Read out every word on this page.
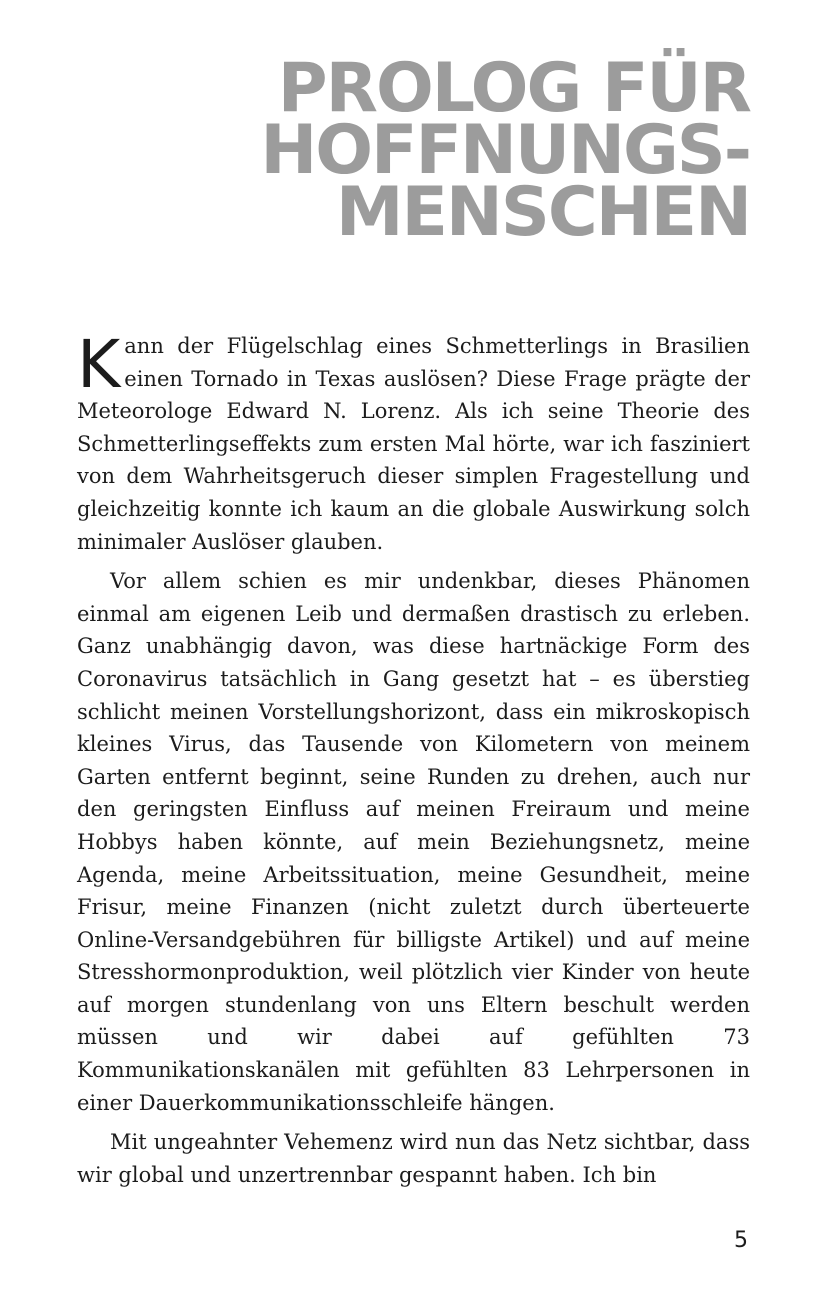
PROLOG FÜR
HOFFNUNGS-
MENSCHEN

Kann der Flügelschlag eines Schmetterlings in Brasilien einen Tornado in Texas auslösen? Diese Frage prägte der Meteorologe Edward N. Lorenz. Als ich seine Theorie des Schmetterlingseffekts zum ersten Mal hörte, war ich fasziniert von dem Wahrheitsgeruch dieser simplen Fragestellung und gleichzeitig konnte ich kaum an die globale Auswirkung solch minimaler Auslöser glauben.

Vor allem schien es mir undenkbar, dieses Phänomen einmal am eigenen Leib und dermaßen drastisch zu erleben. Ganz unabhängig davon, was diese hartnäckige Form des Coronavirus tatsächlich in Gang gesetzt hat – es überstieg schlicht meinen Vorstellungshorizont, dass ein mikroskopisch kleines Virus, das Tausende von Kilometern von meinem Garten entfernt beginnt, seine Runden zu drehen, auch nur den geringsten Einfluss auf meinen Freiraum und meine Hobbys haben könnte, auf mein Beziehungsnetz, meine Agenda, meine Arbeitssituation, meine Gesundheit, meine Frisur, meine Finanzen (nicht zuletzt durch überteuerte Online-Versandgebühren für billigste Artikel) und auf meine Stresshormonproduktion, weil plötzlich vier Kinder von heute auf morgen stundenlang von uns Eltern beschult werden müssen und wir dabei auf gefühlten 73 Kommunikationskanälen mit gefühlten 83 Lehrpersonen in einer Dauerkommunikationsschleife hängen.

Mit ungeahnter Vehemenz wird nun das Netz sichtbar, dass wir global und unzertrennbar gespannt haben. Ich bin

5
